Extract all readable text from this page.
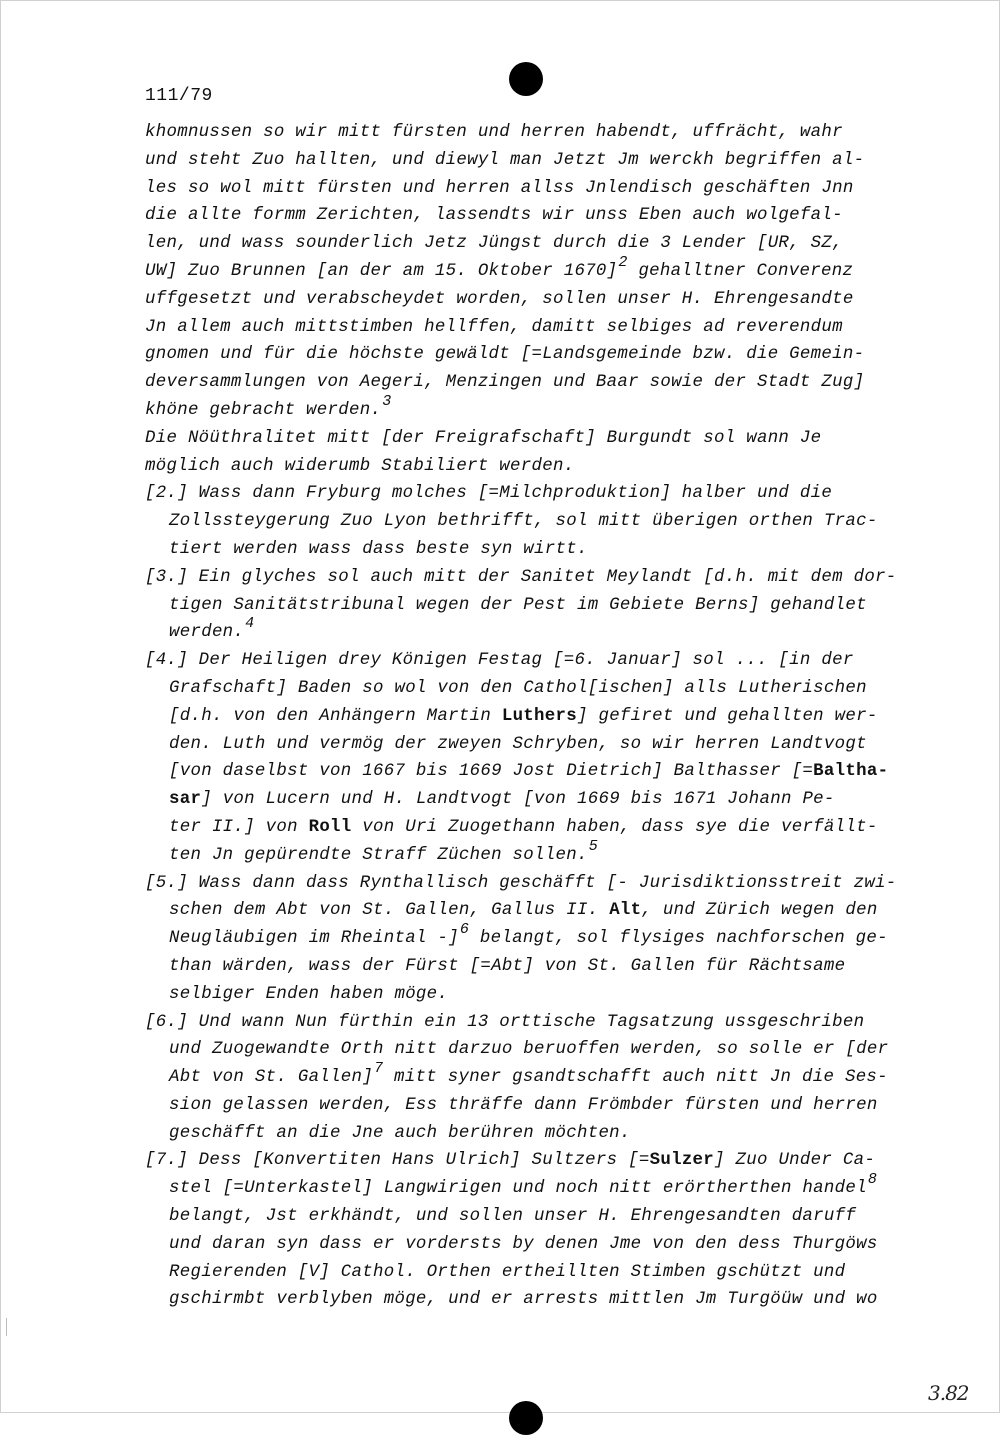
111/79
khomnussen so wir mitt fürsten und herren habendt, uffrächt, wahr
und steht Zuo hallten, und diewyl man Jetzt Jm werckh begriffen al-
les so wol mitt fürsten und herren allss Jnlendisch geschäften Jnn
die allte formm Zerichten, lassendts wir unss Eben auch wolgefal-
len, und wass sounderlich Jetz Jüngst durch die 3 Lender [UR, SZ,
UW] Zuo Brunnen [an der am 15. Oktober 1670]2 gehalltner Converenz
uffgesetzt und verabscheydet worden, sollen unser H. Ehrengesandte
Jn allem auch mittstimben hellffen, damitt selbiges ad reverendum
gnomen und für die höchste gewäldt [=Landsgemeinde bzw. die Gemein-
deversammlungen von Aegeri, Menzingen und Baar sowie der Stadt Zug]
khöne gebracht werden.3
Die Nöüthralitet mitt [der Freigrafschaft] Burgundt sol wann Je
möglich auch widerumb Stabiliert werden.
[2.] Wass dann Fryburg molches [=Milchproduktion] halber und die
Zollssteygerung Zuo Lyon bethrifft, sol mitt überigen orthen Trac-
tiert werden wass dass beste syn wirtt.
[3.] Ein glyches sol auch mitt der Sanitet Meylandt [d.h. mit dem dor-
tigen Sanitätstribunal wegen der Pest im Gebiete Berns] gehandlet
werden.4
[4.] Der Heiligen drey Königen Festag [=6. Januar] sol ... [in der
Grafschaft] Baden so wol von den Cathol[ischen] alls Lutherischen
[d.h. von den Anhängern Martin Luthers] gefiret und gehallten wer-
den. Luth und vermög der zweyen Schryben, so wir herren Landtvogt
[von daselbst von 1667 bis 1669 Jost Dietrich] Balthasser [=Baltha-
sar] von Lucern und H. Landtvogt [von 1669 bis 1671 Johann Pe-
ter II.] von Roll von Uri Zuogethann haben, dass sye die verfällt-
ten Jn gepürendte Straff Züchen sollen.5
[5.] Wass dann dass Rynthallisch geschäfft [- Jurisdiktionsstreit zwi-
schen dem Abt von St. Gallen, Gallus II. Alt, und Zürich wegen den
Neugläubigen im Rheintal -]6 belangt, sol flysiges nachforschen ge-
than wärden, wass der Fürst [=Abt] von St. Gallen für Rächtsame
selbiger Enden haben möge.
[6.] Und wann Nun fürthin ein 13 orttische Tagsatzung ussgeschriben
und Zuogewandte Orth nitt darzuo beruoffen werden, so solle er [der
Abt von St. Gallen]7 mitt syner gsandtschafft auch nitt Jn die Ses-
sion gelassen werden, Ess thräffe dann Frömbder fürsten und herren
geschäfft an die Jne auch berühren möchten.
[7.] Dess [Konvertiten Hans Ulrich] Sultzers [=Sulzer] Zuo Under Ca-
stel [=Unterkastel] Langwirigen und noch nitt erörtherthen handel8
belangt, Jst erkhändt, und sollen unser H. Ehrengesandten daruff
und daran syn dass er vordersts by denen Jme von den dess Thurgöws
Regierenden [V] Cathol. Orthen ertheillten Stimben gschützt und
gschirmbt verblyben möge, und er arrests mittlen Jm Turgöüw und wo
3.82
